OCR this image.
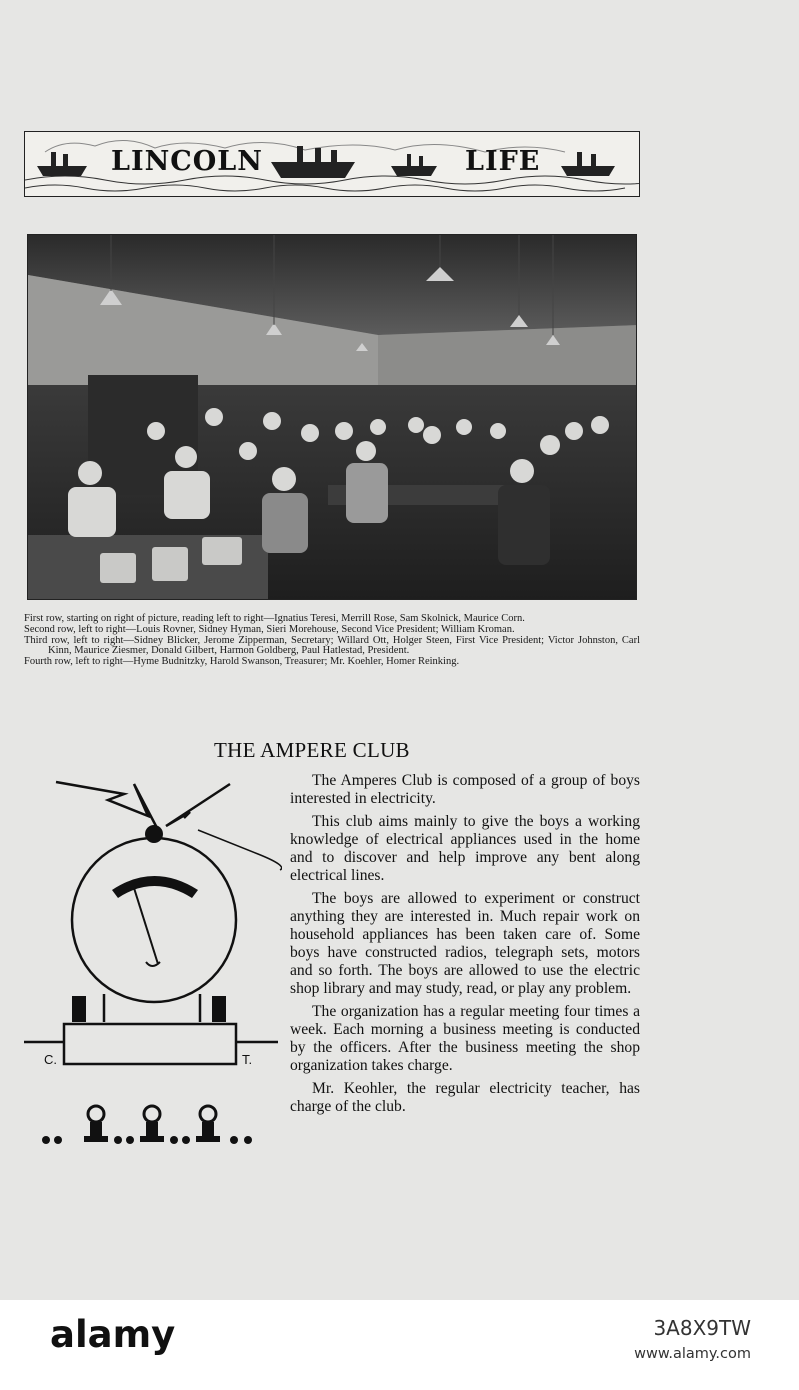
LINCOLN	LIFE

First row, starting on right of picture, reading left to right—Ignatius Teresi, Merrill Rose, Sam Skolnick, Maurice Corn.

Second row, left to right—Louis Rovner, Sidney Hyman, Sieri Morehouse, Second Vice President; William Kroman.

Third row, left to right—Sidney Blicker, Jerome Zipperman, Secretary; Willard Ott, Holger Steen, First Vice President; Victor Johnston, Carl Kinn, Maurice Ziesmer, Donald Gilbert, Harmon Goldberg, Paul Hatlestad, President.

Fourth row, left to right—Hyme Budnitzky, Harold Swanson, Treasurer; Mr. Koehler, Homer Reinking.

THE AMPERE CLUB
C.	T.

The Amperes Club is composed of a group of boys interested in electricity.

This club aims mainly to give the boys a working knowledge of electrical appliances used in the home and to discover and help improve any bent along electrical lines.

The boys are allowed to experiment or construct anything they are interested in. Much repair work on household appliances has been taken care of. Some boys have constructed radios, telegraph sets, motors and so forth. The boys are allowed to use the electric shop library and may study, read, or play any problem.

The organization has a regular meeting four times a week. Each morning a business meeting is conducted by the officers. After the business meeting the shop organization takes charge.

Mr. Keohler, the regular electricity teacher, has charge of the club.

alamy	3A8X9TW
www.alamy.com
